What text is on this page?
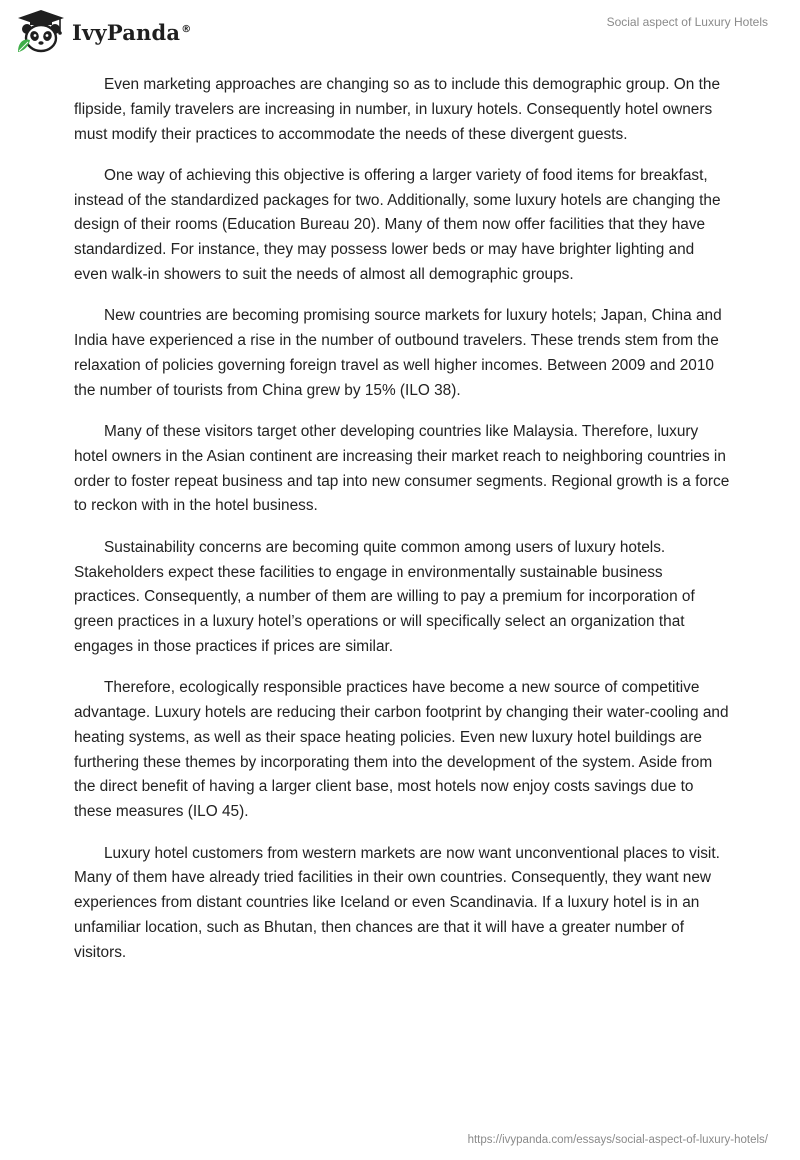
IvyPanda®	Social aspect of Luxury Hotels

Even marketing approaches are changing so as to include this demographic group. On the flipside, family travelers are increasing in number, in luxury hotels. Consequently hotel owners must modify their practices to accommodate the needs of these divergent guests.

One way of achieving this objective is offering a larger variety of food items for breakfast, instead of the standardized packages for two. Additionally, some luxury hotels are changing the design of their rooms (Education Bureau 20). Many of them now offer facilities that they have standardized. For instance, they may possess lower beds or may have brighter lighting and even walk-in showers to suit the needs of almost all demographic groups.

New countries are becoming promising source markets for luxury hotels; Japan, China and India have experienced a rise in the number of outbound travelers. These trends stem from the relaxation of policies governing foreign travel as well higher incomes. Between 2009 and 2010 the number of tourists from China grew by 15% (ILO 38).

Many of these visitors target other developing countries like Malaysia. Therefore, luxury hotel owners in the Asian continent are increasing their market reach to neighboring countries in order to foster repeat business and tap into new consumer segments. Regional growth is a force to reckon with in the hotel business.

Sustainability concerns are becoming quite common among users of luxury hotels. Stakeholders expect these facilities to engage in environmentally sustainable business practices. Consequently, a number of them are willing to pay a premium for incorporation of green practices in a luxury hotel’s operations or will specifically select an organization that engages in those practices if prices are similar.

Therefore, ecologically responsible practices have become a new source of competitive advantage. Luxury hotels are reducing their carbon footprint by changing their water-cooling and heating systems, as well as their space heating policies. Even new luxury hotel buildings are furthering these themes by incorporating them into the development of the system. Aside from the direct benefit of having a larger client base, most hotels now enjoy costs savings due to these measures (ILO 45).

Luxury hotel customers from western markets are now want unconventional places to visit. Many of them have already tried facilities in their own countries. Consequently, they want new experiences from distant countries like Iceland or even Scandinavia. If a luxury hotel is in an unfamiliar location, such as Bhutan, then chances are that it will have a greater number of visitors.

https://ivypanda.com/essays/social-aspect-of-luxury-hotels/
